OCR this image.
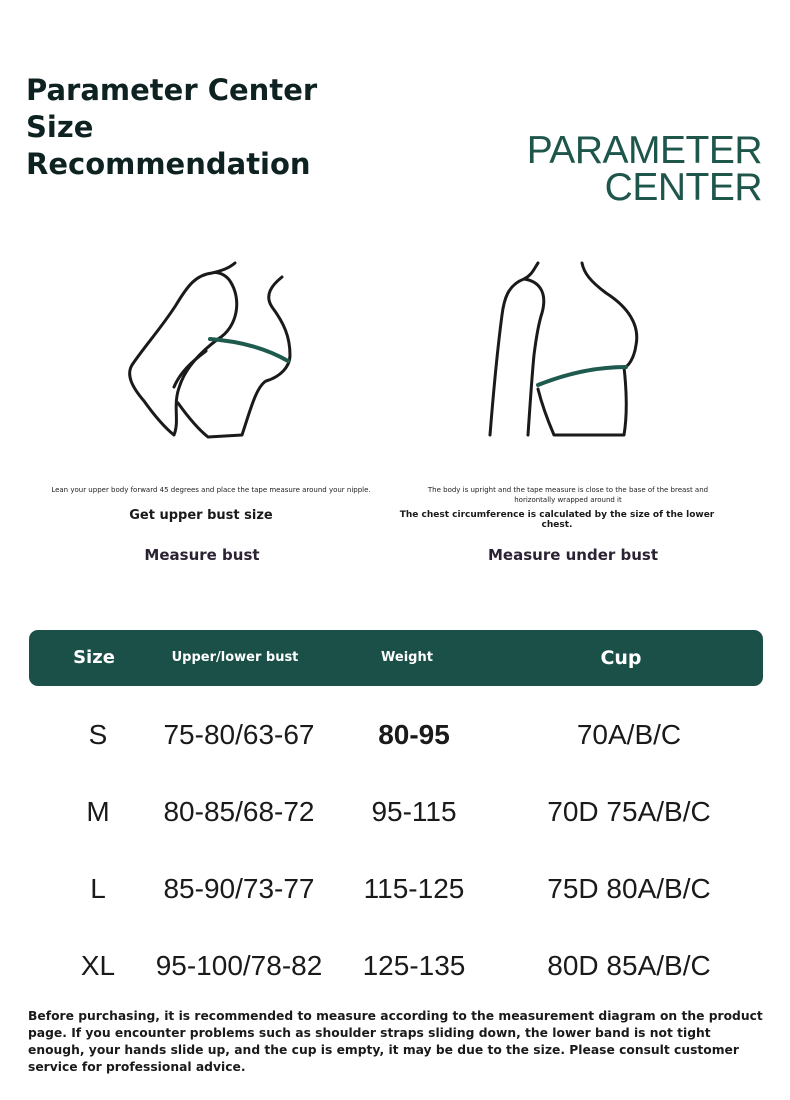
Parameter Center
Size
Recommendation	PARAMETER
CENTER
Lean your upper body forward 45 degrees and place the tape measure around your nipple.
Get upper bust size
Measure bust
The body is upright and the tape measure is close to the base of the breast and horizontally wrapped around it
The chest circumference is calculated by the size of the lower chest.
Measure under bust
Size	Upper/lower bust	Weight	Cup
S	75-80/63-67	80-95	70A/B/C
M	80-85/68-72	95-115	70D 75A/B/C
L	85-90/73-77	115-125	75D 80A/B/C
XL	95-100/78-82	125-135	80D 85A/B/C

Before purchasing, it is recommended to measure according to the measurement diagram on the product page. If you encounter problems such as shoulder straps sliding down, the lower band is not tight enough, your hands slide up, and the cup is empty, it may be due to the size. Please consult customer service for professional advice.
